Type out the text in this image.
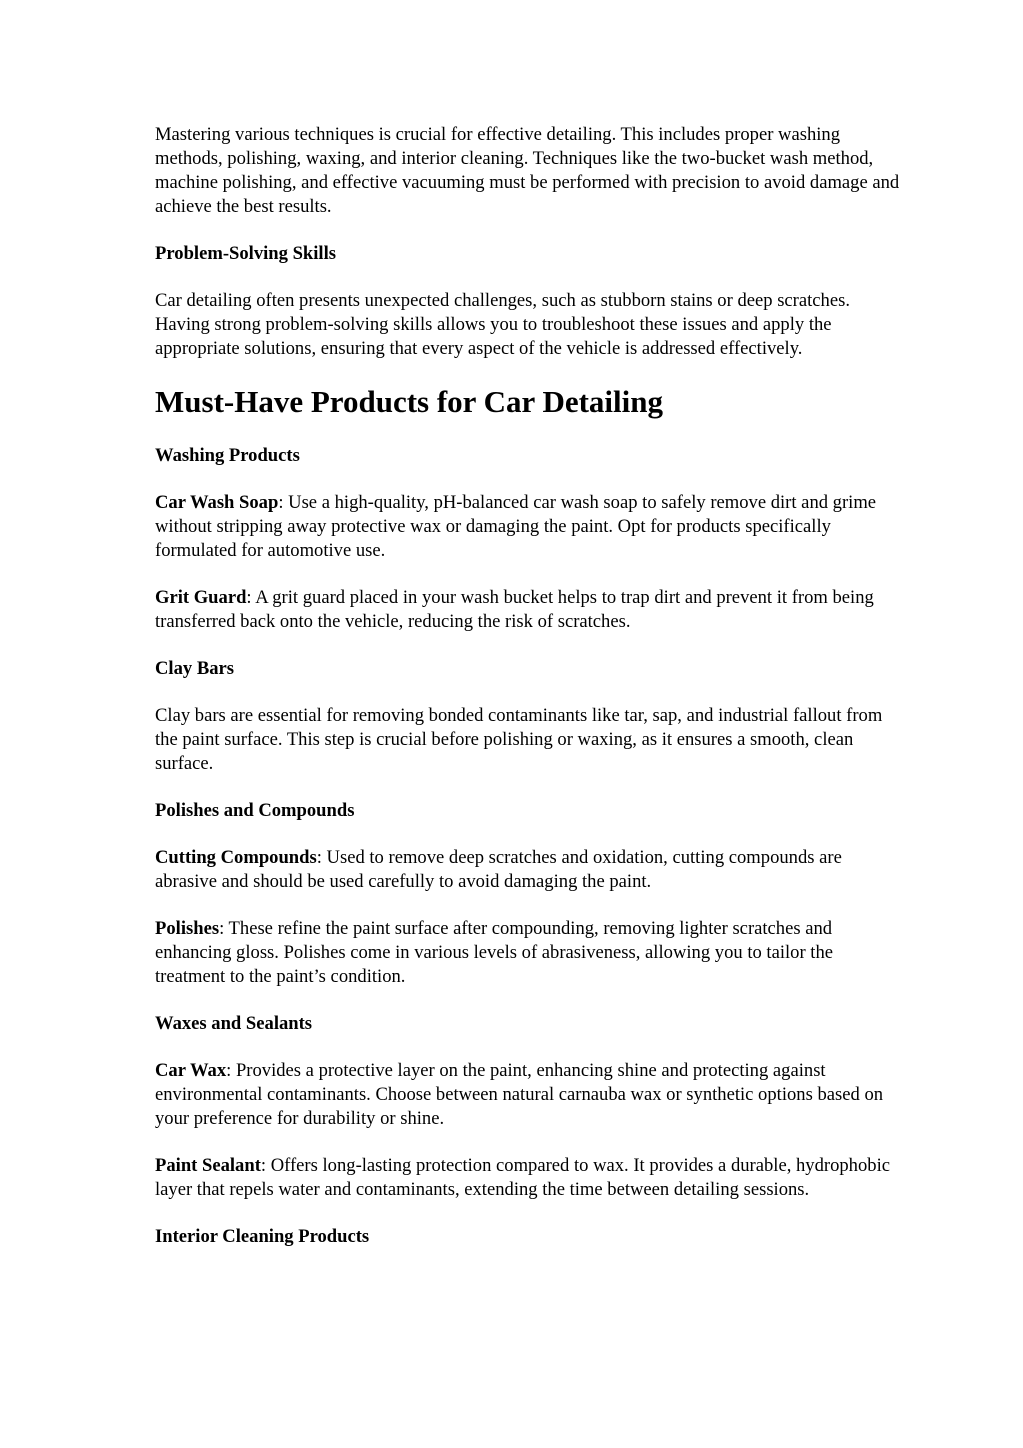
Mastering various techniques is crucial for effective detailing. This includes proper washing methods, polishing, waxing, and interior cleaning. Techniques like the two-bucket wash method, machine polishing, and effective vacuuming must be performed with precision to avoid damage and achieve the best results.

Problem-Solving Skills

Car detailing often presents unexpected challenges, such as stubborn stains or deep scratches. Having strong problem-solving skills allows you to troubleshoot these issues and apply the appropriate solutions, ensuring that every aspect of the vehicle is addressed effectively.

Must-Have Products for Car Detailing
Washing Products

Car Wash Soap: Use a high-quality, pH-balanced car wash soap to safely remove dirt and grime without stripping away protective wax or damaging the paint. Opt for products specifically formulated for automotive use.

Grit Guard: A grit guard placed in your wash bucket helps to trap dirt and prevent it from being transferred back onto the vehicle, reducing the risk of scratches.

Clay Bars

Clay bars are essential for removing bonded contaminants like tar, sap, and industrial fallout from the paint surface. This step is crucial before polishing or waxing, as it ensures a smooth, clean surface.

Polishes and Compounds

Cutting Compounds: Used to remove deep scratches and oxidation, cutting compounds are abrasive and should be used carefully to avoid damaging the paint.

Polishes: These refine the paint surface after compounding, removing lighter scratches and enhancing gloss. Polishes come in various levels of abrasiveness, allowing you to tailor the treatment to the paint’s condition.

Waxes and Sealants

Car Wax: Provides a protective layer on the paint, enhancing shine and protecting against environmental contaminants. Choose between natural carnauba wax or synthetic options based on your preference for durability or shine.

Paint Sealant: Offers long-lasting protection compared to wax. It provides a durable, hydrophobic layer that repels water and contaminants, extending the time between detailing sessions.

Interior Cleaning Products
